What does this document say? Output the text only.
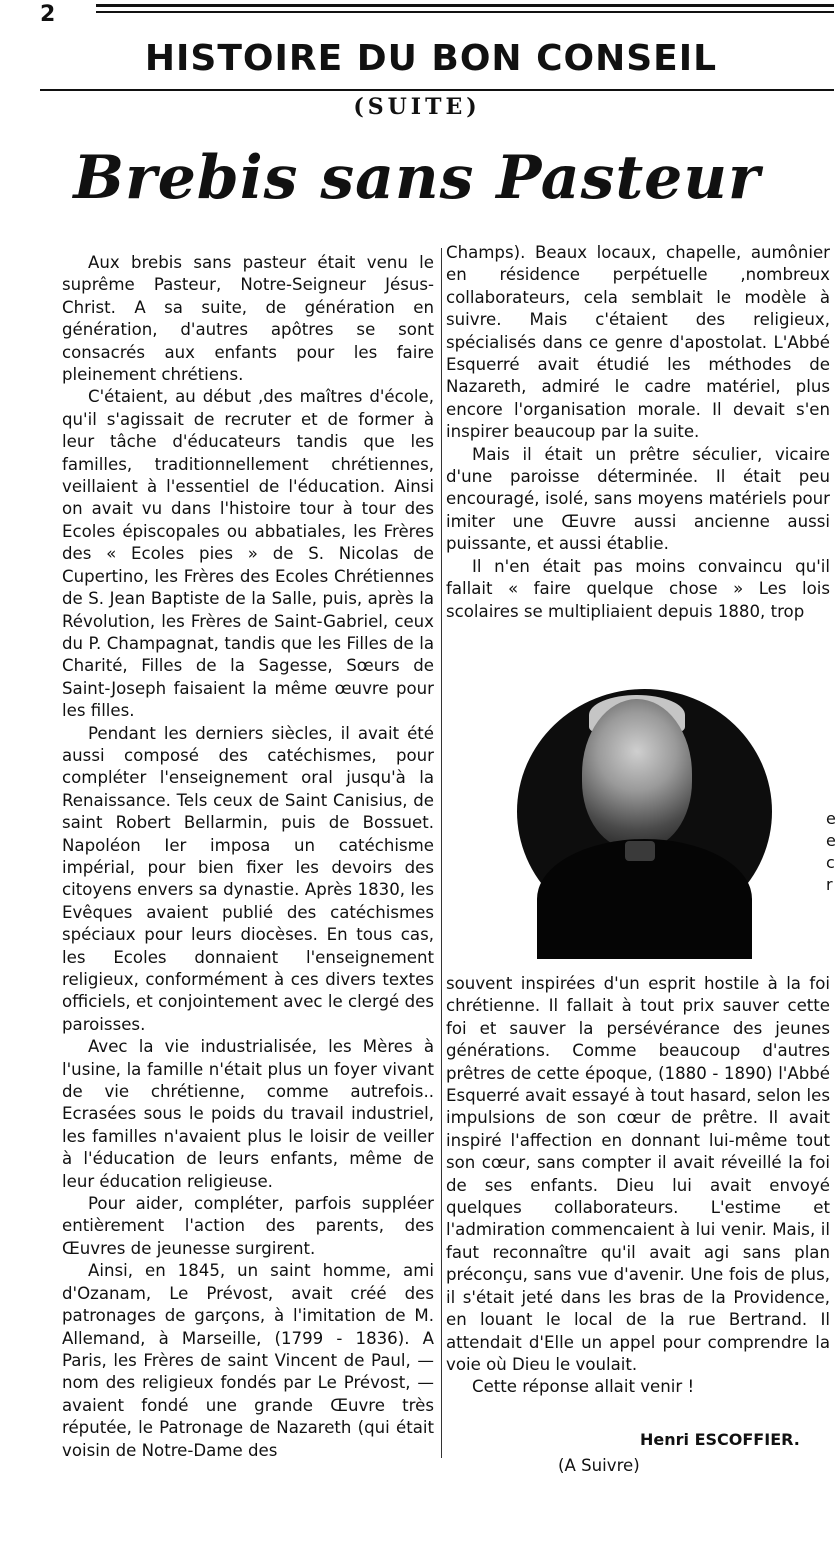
2
HISTOIRE DU BON CONSEIL
(SUITE)
Brebis sans Pasteur

Aux brebis sans pasteur était venu le suprême Pasteur, Notre-Seigneur Jésus-Christ. A sa suite, de génération en génération, d'autres apôtres se sont consacrés aux enfants pour les faire pleinement chrétiens.

C'étaient, au début ,des maîtres d'école, qu'il s'agissait de recruter et de former à leur tâche d'éducateurs tandis que les familles, traditionnellement chrétiennes, veillaient à l'essentiel de l'éducation. Ainsi on avait vu dans l'histoire tour à tour des Ecoles épiscopales ou abbatiales, les Frères des « Ecoles pies » de S. Nicolas de Cupertino, les Frères des Ecoles Chrétiennes de S. Jean Baptiste de la Salle, puis, après la Révolution, les Frères de Saint-Gabriel, ceux du P. Champagnat, tandis que les Filles de la Charité, Filles de la Sagesse, Sœurs de Saint-Joseph faisaient la même œuvre pour les filles.

Pendant les derniers siècles, il avait été aussi composé des catéchismes, pour compléter l'enseignement oral jusqu'à la Renaissance. Tels ceux de Saint Canisius, de saint Robert Bellarmin, puis de Bossuet. Napoléon Ier imposa un catéchisme impérial, pour bien fixer les devoirs des citoyens envers sa dynastie. Après 1830, les Evêques avaient publié des catéchismes spéciaux pour leurs diocèses. En tous cas, les Ecoles donnaient l'enseignement religieux, conformément à ces divers textes officiels, et conjointement avec le clergé des paroisses.

Avec la vie industrialisée, les Mères à l'usine, la famille n'était plus un foyer vivant de vie chrétienne, comme autrefois.. Ecrasées sous le poids du travail industriel, les familles n'avaient plus le loisir de veiller à l'éducation de leurs enfants, même de leur éducation religieuse.

Pour aider, compléter, parfois suppléer entièrement l'action des parents, des Œuvres de jeunesse surgirent.

Ainsi, en 1845, un saint homme, ami d'Ozanam, Le Prévost, avait créé des patronages de garçons, à l'imitation de M. Allemand, à Marseille, (1799 - 1836). A Paris, les Frères de saint Vincent de Paul, — nom des religieux fondés par Le Prévost, — avaient fondé une grande Œuvre très réputée, le Patronage de Nazareth (qui était voisin de Notre-Dame des

Champs). Beaux locaux, chapelle, aumônier en résidence perpétuelle ,nombreux collaborateurs, cela semblait le modèle à suivre. Mais c'étaient des religieux, spécialisés dans ce genre d'apostolat. L'Abbé Esquerré avait étudié les méthodes de Nazareth, admiré le cadre matériel, plus encore l'organisation morale. Il devait s'en inspirer beaucoup par la suite.

Mais il était un prêtre séculier, vicaire d'une paroisse déterminée. Il était peu encouragé, isolé, sans moyens matériels pour imiter une Œuvre aussi ancienne aussi puissante, et aussi établie.

Il n'en était pas moins convaincu qu'il fallait « faire quelque chose » Les lois scolaires se multipliaient depuis 1880, trop

souvent inspirées d'un esprit hostile à la foi chrétienne. Il fallait à tout prix sauver cette foi et sauver la persévérance des jeunes générations. Comme beaucoup d'autres prêtres de cette époque, (1880 - 1890) l'Abbé Esquerré avait essayé à tout hasard, selon les impulsions de son cœur de prêtre. Il avait inspiré l'affection en donnant lui-même tout son cœur, sans compter il avait réveillé la foi de ses enfants. Dieu lui avait envoyé quelques collaborateurs. L'estime et l'admiration commencaient à lui venir. Mais, il faut reconnaître qu'il avait agi sans plan préconçu, sans vue d'avenir. Une fois de plus, il s'était jeté dans les bras de la Providence, en louant le local de la rue Bertrand. Il attendait d'Elle un appel pour comprendre la voie où Dieu le voulait.

Cette réponse allait venir !

Henri ESCOFFIER.
(A Suivre)
e
e
c
r
